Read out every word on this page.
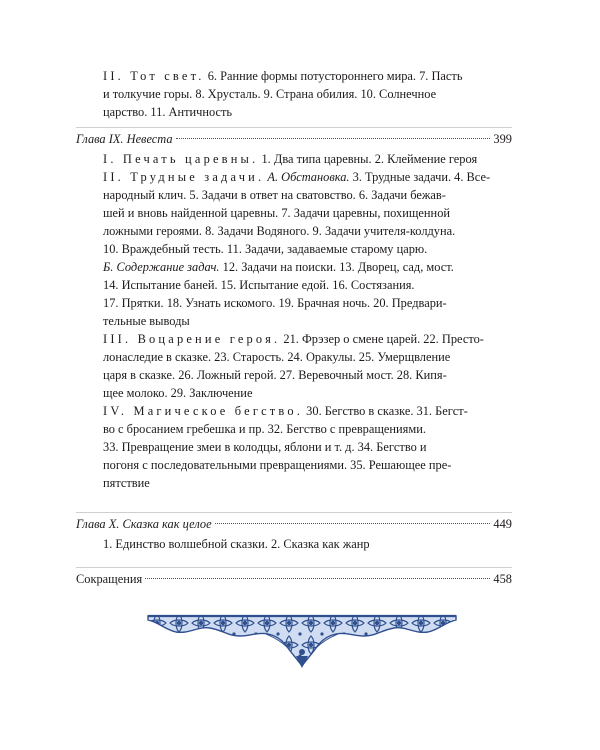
II. Тот свет. 6. Ранние формы потустороннего мира. 7. Пасть
и толкучие горы. 8. Хрусталь. 9. Страна обилия. 10. Солнечное
царство. 11. Античность
Глава IX. Невеста	399
I. Печать царевны. 1. Два типа царевны. 2. Клеймение героя
II. Трудные задачи. А. Обстановка. 3. Трудные задачи. 4. Все-
народный клич. 5. Задачи в ответ на сватовство. 6. Задачи бежав-
шей и вновь найденной царевны. 7. Задачи царевны, похищенной
ложными героями. 8. Задачи Водяного. 9. Задачи учителя-колдуна.
10. Враждебный тесть. 11. Задачи, задаваемые старому царю.
Б. Содержание задач. 12. Задачи на поиски. 13. Дворец, сад, мост.
14. Испытание баней. 15. Испытание едой. 16. Состязания.
17. Прятки. 18. Узнать искомого. 19. Брачная ночь. 20. Предвари-
тельные выводы
III. Воцарение героя. 21. Фрэзер о смене царей. 22. Престо-
лонаследие в сказке. 23. Старость. 24. Оракулы. 25. Умерщвление
царя в сказке. 26. Ложный герой. 27. Веревочный мост. 28. Кипя-
щее молоко. 29. Заключение
IV. Магическое бегство. 30. Бегство в сказке. 31. Бегст-
во с бросанием гребешка и пр. 32. Бегство с превращениями.
33. Превращение змеи в колодцы, яблони и т. д. 34. Бегство и
погоня с последовательными превращениями. 35. Решающее пре-
пятствие
Глава X. Сказка как целое	449
1. Единство волшебной сказки. 2. Сказка как жанр
Сокращения	458
